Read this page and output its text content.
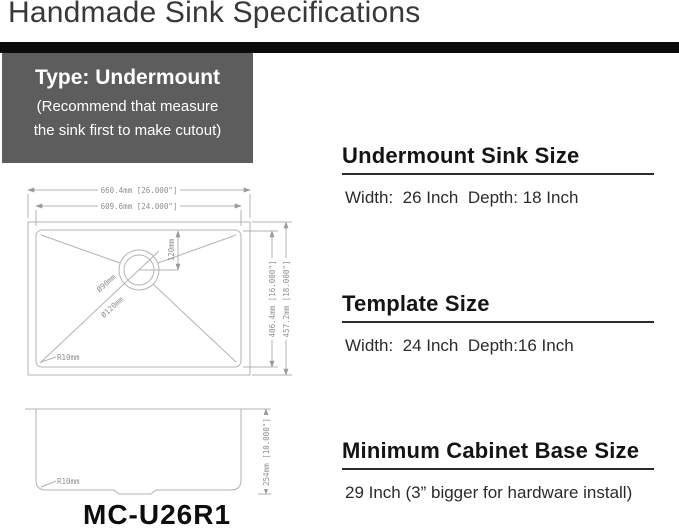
Handmade Sink Specifications
Type: Undermount
(Recommend that measure
the sink first to make cutout)
Undermount Sink Size
Width:  26 Inch  Depth: 18 Inch
Template Size
Width:  24 Inch  Depth:16 Inch
Minimum Cabinet Base Size
29 Inch (3” bigger for hardware install)
660.4mm [26.000"]
609.6mm [24.000"]
120mm
Ø90mm
Ø120mm
R10mm
406.4mm [16.000"] 457.2mm [18.000"]
R10mm	254mm [10.000"]
MC-U26R1
